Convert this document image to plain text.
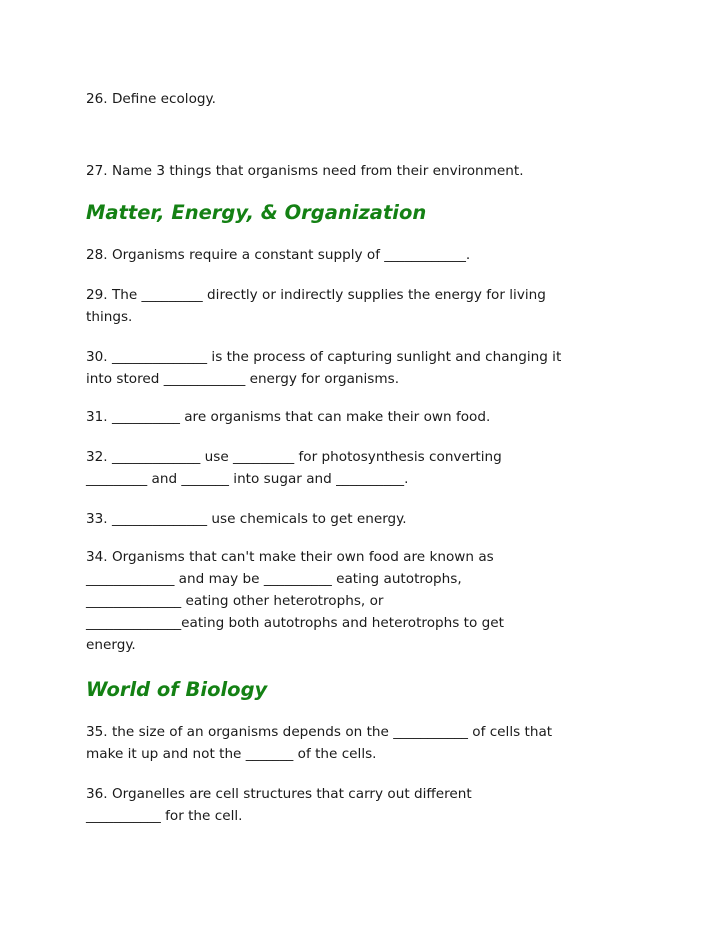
26. Define ecology.
27. Name 3 things that organisms need from their environment.
Matter, Energy, & Organization
28. Organisms require a constant supply of ____________.
29. The _________ directly or indirectly supplies the energy for living
things.
30. ______________ is the process of capturing sunlight and changing it
into stored ____________ energy for organisms.
31. __________ are organisms that can make their own food.
32. _____________ use _________ for photosynthesis converting
_________ and _______ into sugar and __________.
33. ______________ use chemicals to get energy.
34. Organisms that can't make their own food are known as
_____________ and may be __________ eating autotrophs,
______________ eating other heterotrophs, or
______________eating both autotrophs and heterotrophs to get
energy.
World of Biology
35. the size of an organisms depends on the ___________ of cells that
make it up and not the _______ of the cells.
36. Organelles are cell structures that carry out different
___________ for the cell.
